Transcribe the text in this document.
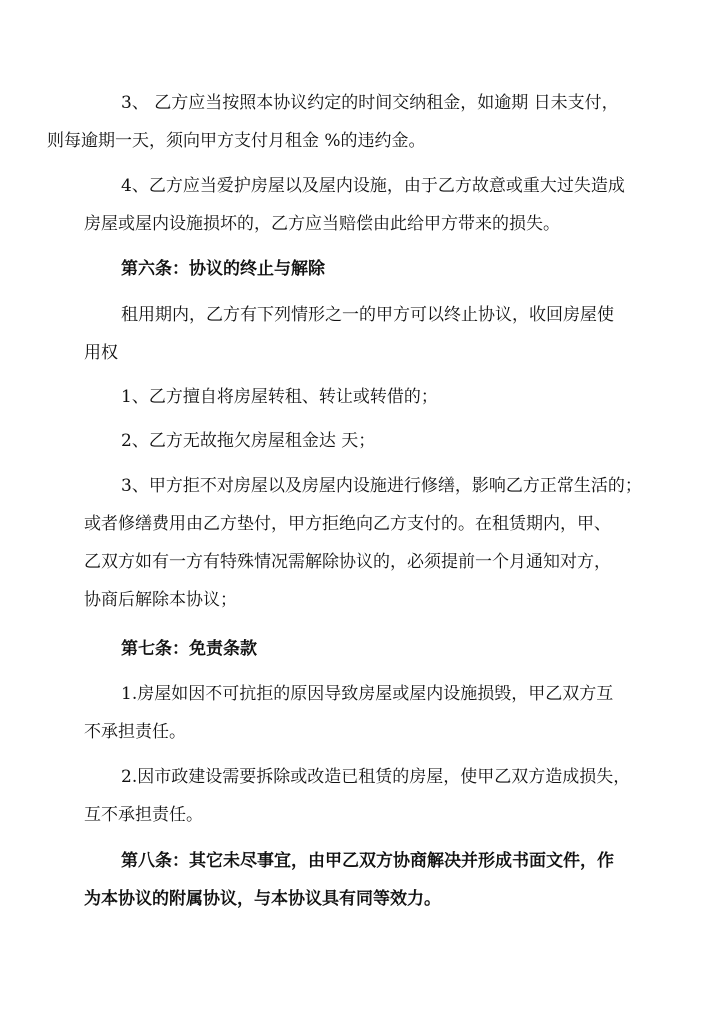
3、 乙方应当按照本协议约定的时间交纳租金，如逾期 日未支付，
则每逾期一天，须向甲方支付月租金 %的违约金。

4、乙方应当爱护房屋以及屋内设施，由于乙方故意或重大过失造成
房屋或屋内设施损坏的，乙方应当赔偿由此给甲方带来的损失。

第六条：协议的终止与解除

租用期内，乙方有下列情形之一的甲方可以终止协议，收回房屋使
用权

1、乙方擅自将房屋转租、转让或转借的；

2、乙方无故拖欠房屋租金达 天；

3、甲方拒不对房屋以及房屋内设施进行修缮，影响乙方正常生活的；
或者修缮费用由乙方垫付，甲方拒绝向乙方支付的。在租赁期内，甲、
乙双方如有一方有特殊情况需解除协议的，必须提前一个月通知对方，
协商后解除本协议；

第七条：免责条款

1.房屋如因不可抗拒的原因导致房屋或屋内设施损毁，甲乙双方互
不承担责任。

2.因市政建设需要拆除或改造已租赁的房屋，使甲乙双方造成损失，
互不承担责任。

第八条：其它未尽事宜，由甲乙双方协商解决并形成书面文件，作
为本协议的附属协议，与本协议具有同等效力。
